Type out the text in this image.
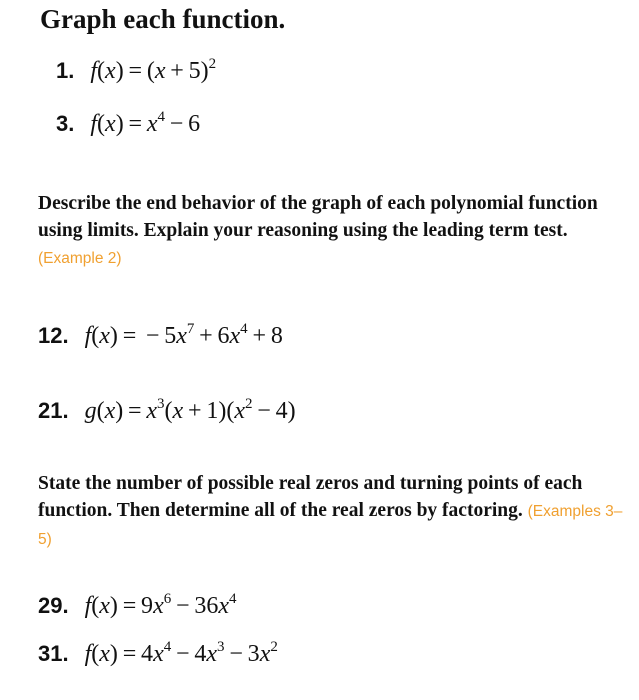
Graph each function.
1. $f(x) = (x + 5)^2$
3. $f(x) = x^4 - 6$
Describe the end behavior of the graph of each polynomial function using limits. Explain your reasoning using the leading term test. (Example 2)
12. f(x) =  − $5x^7 + 6x^4 + 8$
21. $g(x) = x^3(x + 1)(x^2 - 4)$
State the number of possible real zeros and turning points of each function. Then determine all of the real zeros by factoring. (Examples 3–5)
29. $f(x) = 9x^6 - 36x^4$
31. $f(x) = 4x^4 - 4x^3 - 3x^2$
